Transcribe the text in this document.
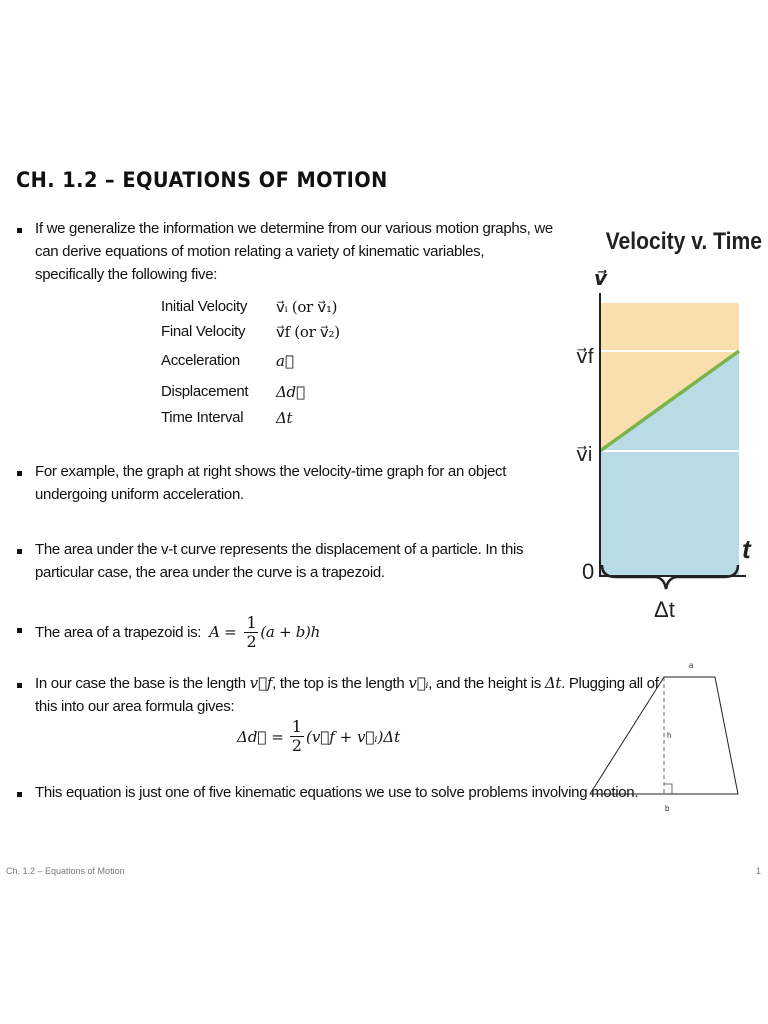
CH. 1.2 – EQUATIONS OF MOTION
If we generalize the information we determine from our various motion graphs, we can derive equations of motion relating a variety of kinematic variables, specifically the following five:
Initial Velocity v⃗ᵢ (or v⃗₁)
Final Velocity v⃗f (or v⃗₂)
Acceleration a⃗
Displacement Δd⃗
Time Interval Δt
For example, the graph at right shows the velocity-time graph for an object undergoing uniform acceleration.
The area under the v-t curve represents the displacement of a particle. In this particular case, the area under the curve is a trapezoid.
The area of a trapezoid is: $A = \frac{1}{2} (a + b)h$
In our case the base is the length v⃗f, the top is the length v⃗ᵢ, and the height is Δt. Plugging all of
this into our area formula gives:
Δd⃗ = $\frac{1}{2}$ (v⃗f + v⃗ᵢ)Δt
This equation is just one of five kinematic equations we use to solve problems involving motion.
Velocity v. Time
v⃗
v⃗f
v⃗i
0
t
Δt
a
h
b
Ch. 1.2 – Equations of Motion	1
